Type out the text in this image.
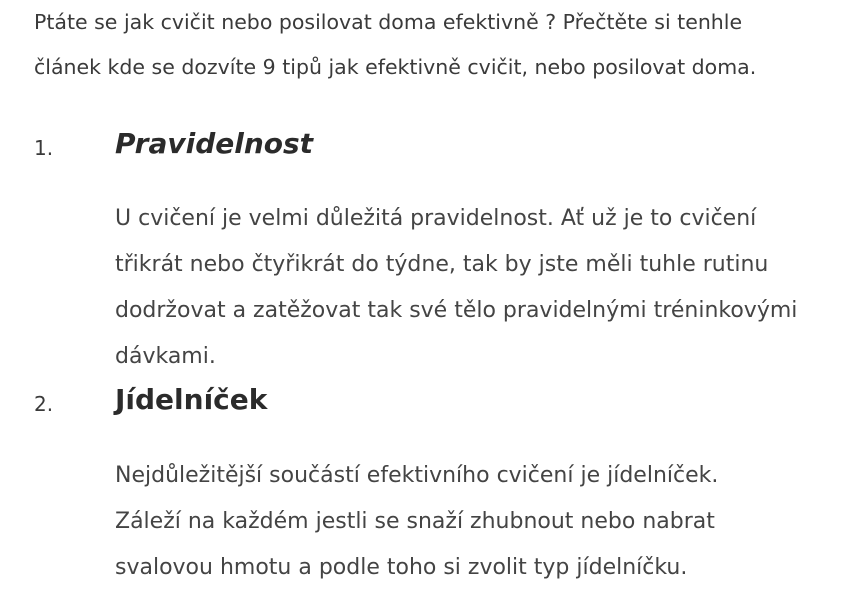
Ptáte se jak cvičit nebo posilovat doma efektivně ? Přečtěte si tenhle
článek kde se dozvíte 9 tipů jak efektivně cvičit, nebo posilovat doma.

1. Pravidelnost

U cvičení je velmi důležitá pravidelnost. Ať už je to cvičení
třikrát nebo čtyřikrát do týdne, tak by jste měli tuhle rutinu
dodržovat a zatěžovat tak své tělo pravidelnými tréninkovými
dávkami.

2. Jídelníček

Nejdůležitější součástí efektivního cvičení je jídelníček.
Záleží na každém jestli se snaží zhubnout nebo nabrat
svalovou hmotu a podle toho si zvolit typ jídelníčku.
